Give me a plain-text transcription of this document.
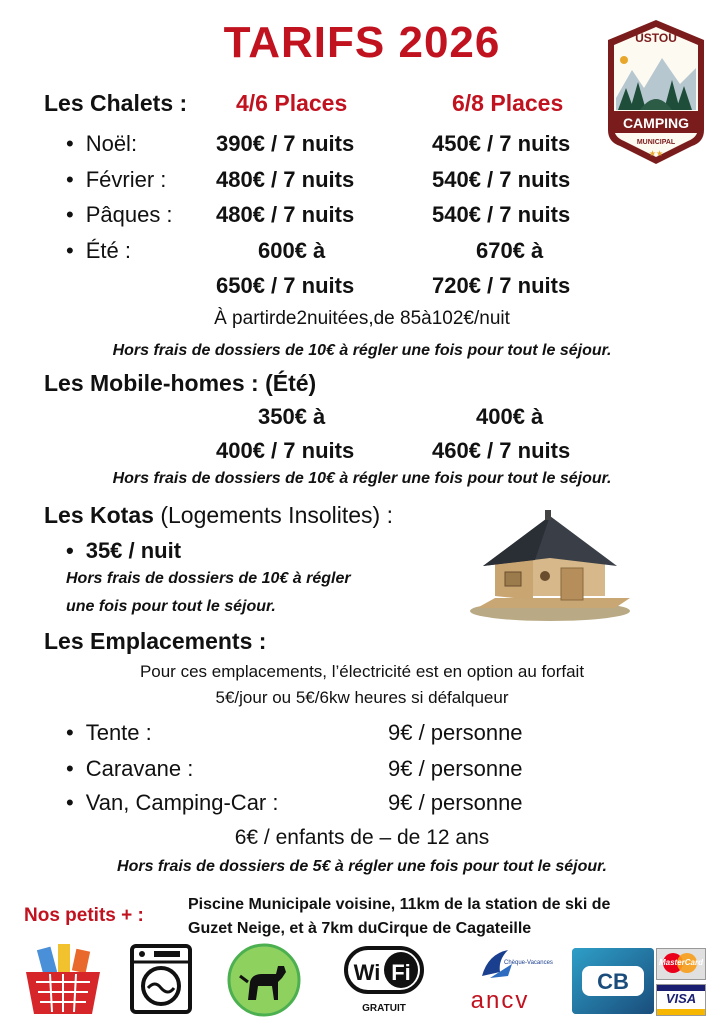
TARIFS 2026	USTOU
CAMPING
MUNICIPAL
★★
Les Chalets : 4/6 Places	6/8 Places
• Noël:	390€ / 7 nuits	450€ / 7 nuits
• Février : 480€ / 7 nuits	540€ / 7 nuits
• Pâques : 480€ / 7 nuits	540€ / 7 nuits
• Été :	600€ à	670€ à
650€ / 7 nuits	720€ / 7 nuits
À partirde2nuitées,de 85à102€/nuit
Hors frais de dossiers de 10€ à régler une fois pour tout le séjour.
Les Mobile-homes : (Été)
350€ à	400€ à
400€ / 7 nuits	460€ / 7 nuits
Hors frais de dossiers de 10€ à régler une fois pour tout le séjour.
Les Kotas (Logements Insolites) :
• 35€ / nuit
Hors frais de dossiers de 10€ à régler
une fois pour tout le séjour.
Les Emplacements :
Pour ces emplacements, l’électricité est en option au forfait
5€/jour ou 5€/6kw heures si défalqueur
• Tente :	9€ / personne
• Caravane :	9€ / personne
• Van, Camping-Car :	9€ / personne
6€ / enfants de – de 12 ans
Hors frais de dossiers de 5€ à régler une fois pour tout le séjour.
Nos petits + :
Piscine Municipale voisine, 11km de la station de ski de
Guzet Neige, et à 7km duCirque de Cagateille
Wi Fi
GRATUIT
Chèque-Vacances
ancv
CB
MasterCard
VISA
